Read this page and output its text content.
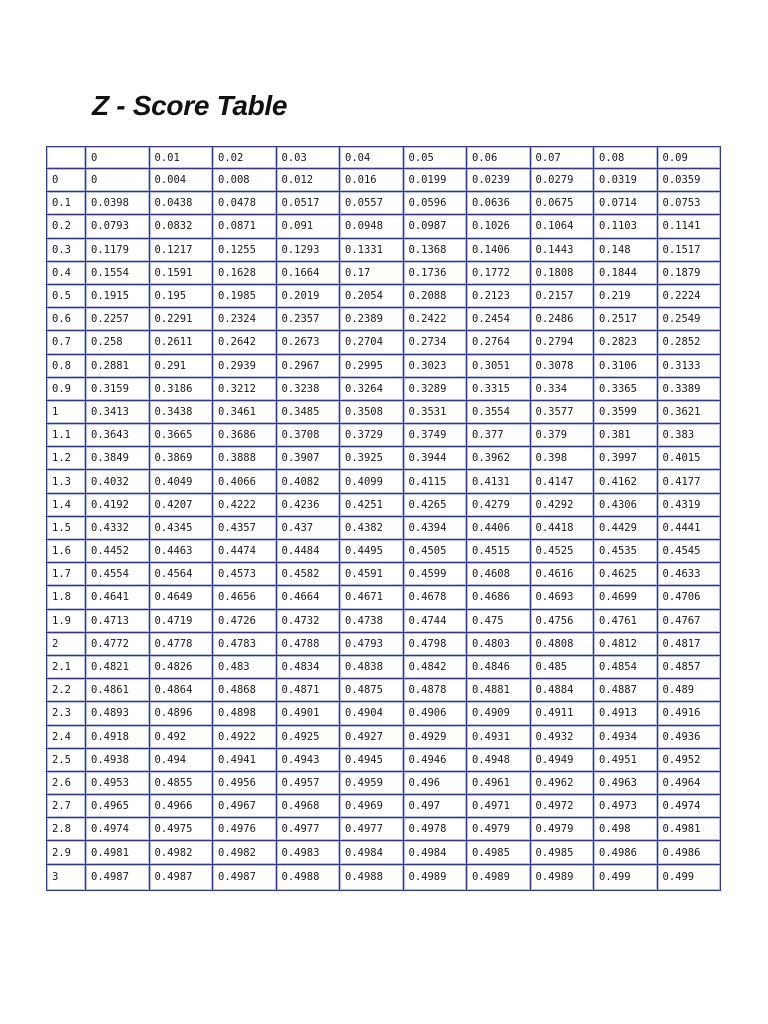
Z - Score Table
	0	0.01	0.02	0.03	0.04	0.05	0.06	0.07	0.08	0.09
0	0	0.004	0.008	0.012	0.016	0.0199	0.0239	0.0279	0.0319	0.0359
0.1	0.0398	0.0438	0.0478	0.0517	0.0557	0.0596	0.0636	0.0675	0.0714	0.0753
0.2	0.0793	0.0832	0.0871	0.091	0.0948	0.0987	0.1026	0.1064	0.1103	0.1141
0.3	0.1179	0.1217	0.1255	0.1293	0.1331	0.1368	0.1406	0.1443	0.148	0.1517
0.4	0.1554	0.1591	0.1628	0.1664	0.17	0.1736	0.1772	0.1808	0.1844	0.1879
0.5	0.1915	0.195	0.1985	0.2019	0.2054	0.2088	0.2123	0.2157	0.219	0.2224
0.6	0.2257	0.2291	0.2324	0.2357	0.2389	0.2422	0.2454	0.2486	0.2517	0.2549
0.7	0.258	0.2611	0.2642	0.2673	0.2704	0.2734	0.2764	0.2794	0.2823	0.2852
0.8	0.2881	0.291	0.2939	0.2967	0.2995	0.3023	0.3051	0.3078	0.3106	0.3133
0.9	0.3159	0.3186	0.3212	0.3238	0.3264	0.3289	0.3315	0.334	0.3365	0.3389
1	0.3413	0.3438	0.3461	0.3485	0.3508	0.3531	0.3554	0.3577	0.3599	0.3621
1.1	0.3643	0.3665	0.3686	0.3708	0.3729	0.3749	0.377	0.379	0.381	0.383
1.2	0.3849	0.3869	0.3888	0.3907	0.3925	0.3944	0.3962	0.398	0.3997	0.4015
1.3	0.4032	0.4049	0.4066	0.4082	0.4099	0.4115	0.4131	0.4147	0.4162	0.4177
1.4	0.4192	0.4207	0.4222	0.4236	0.4251	0.4265	0.4279	0.4292	0.4306	0.4319
1.5	0.4332	0.4345	0.4357	0.437	0.4382	0.4394	0.4406	0.4418	0.4429	0.4441
1.6	0.4452	0.4463	0.4474	0.4484	0.4495	0.4505	0.4515	0.4525	0.4535	0.4545
1.7	0.4554	0.4564	0.4573	0.4582	0.4591	0.4599	0.4608	0.4616	0.4625	0.4633
1.8	0.4641	0.4649	0.4656	0.4664	0.4671	0.4678	0.4686	0.4693	0.4699	0.4706
1.9	0.4713	0.4719	0.4726	0.4732	0.4738	0.4744	0.475	0.4756	0.4761	0.4767
2	0.4772	0.4778	0.4783	0.4788	0.4793	0.4798	0.4803	0.4808	0.4812	0.4817
2.1	0.4821	0.4826	0.483	0.4834	0.4838	0.4842	0.4846	0.485	0.4854	0.4857
2.2	0.4861	0.4864	0.4868	0.4871	0.4875	0.4878	0.4881	0.4884	0.4887	0.489
2.3	0.4893	0.4896	0.4898	0.4901	0.4904	0.4906	0.4909	0.4911	0.4913	0.4916
2.4	0.4918	0.492	0.4922	0.4925	0.4927	0.4929	0.4931	0.4932	0.4934	0.4936
2.5	0.4938	0.494	0.4941	0.4943	0.4945	0.4946	0.4948	0.4949	0.4951	0.4952
2.6	0.4953	0.4855	0.4956	0.4957	0.4959	0.496	0.4961	0.4962	0.4963	0.4964
2.7	0.4965	0.4966	0.4967	0.4968	0.4969	0.497	0.4971	0.4972	0.4973	0.4974
2.8	0.4974	0.4975	0.4976	0.4977	0.4977	0.4978	0.4979	0.4979	0.498	0.4981
2.9	0.4981	0.4982	0.4982	0.4983	0.4984	0.4984	0.4985	0.4985	0.4986	0.4986
3	0.4987	0.4987	0.4987	0.4988	0.4988	0.4989	0.4989	0.4989	0.499	0.499
